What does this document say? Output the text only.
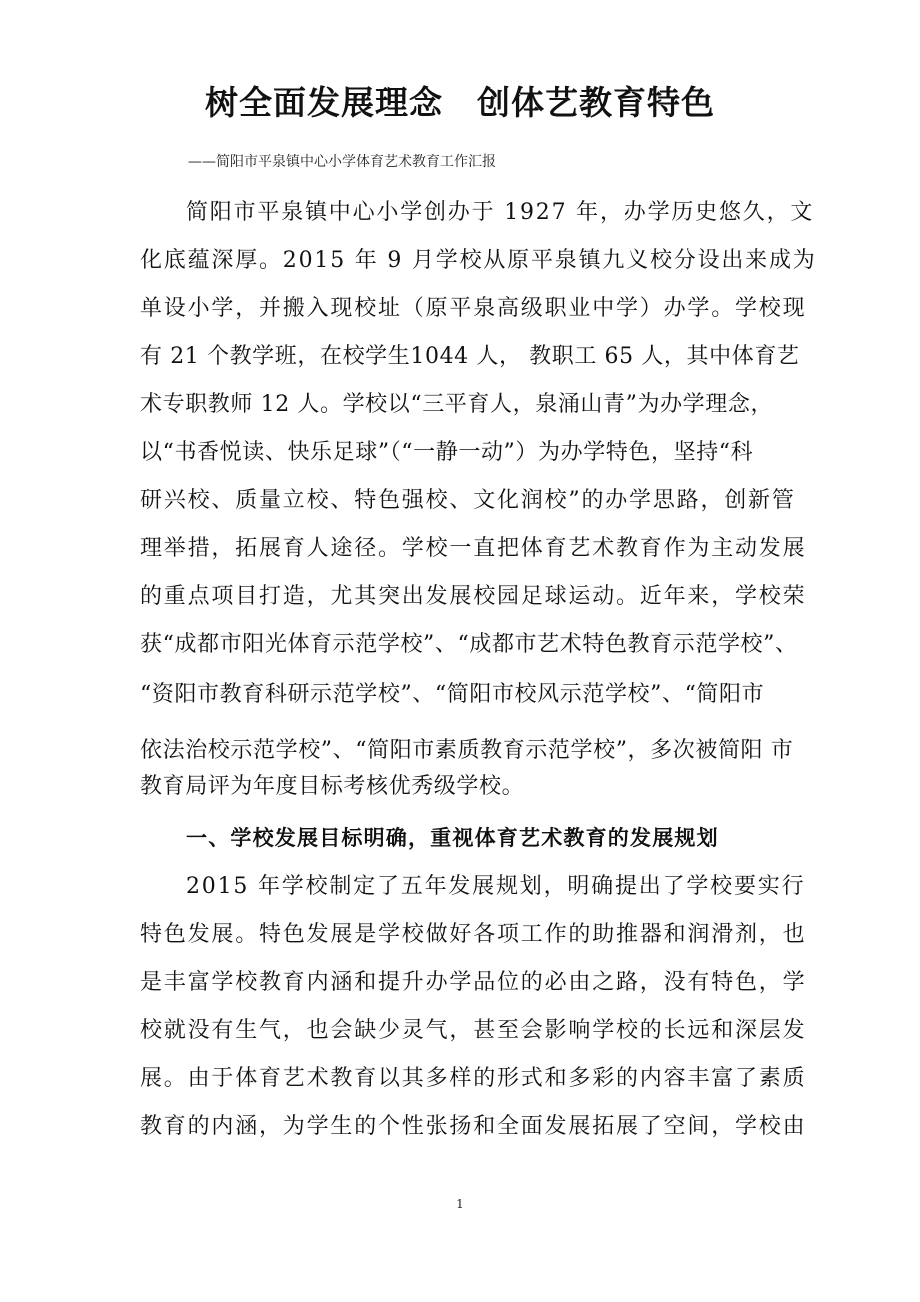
树全面发展理念　创体艺教育特色
——简阳市平泉镇中心小学体育艺术教育工作汇报
简阳市平泉镇中心小学创办于 1927 年，办学历史悠久，文
化底蕴深厚。2015 年 9 月学校从原平泉镇九义校分设出来成为
单设小学，并搬入现校址（原平泉高级职业中学）办学。学校现
有 21 个教学班，在校学生1044 人， 教职工 65 人，其中体育艺
术专职教师 12 人。学校以“三平育人，泉涌山青”为办学理念，
以“书香悦读、快乐足球”（“一静一动”）为办学特色，坚持“科
研兴校、质量立校、特色强校、文化润校”的办学思路，创新管
理举措，拓展育人途径。学校一直把体育艺术教育作为主动发展
的重点项目打造，尤其突出发展校园足球运动。近年来，学校荣
获“成都市阳光体育示范学校”、“成都市艺术特色教育示范学校”、
“资阳市教育科研示范学校”、“简阳市校风示范学校”、“简阳市
依法治校示范学校”、“简阳市素质教育示范学校”，多次被简阳 市
教育局评为年度目标考核优秀级学校。
一、学校发展目标明确，重视体育艺术教育的发展规划
2015 年学校制定了五年发展规划，明确提出了学校要实行
特色发展。特色发展是学校做好各项工作的助推器和润滑剂，也
是丰富学校教育内涵和提升办学品位的必由之路，没有特色，学
校就没有生气，也会缺少灵气，甚至会影响学校的长远和深层发
展。由于体育艺术教育以其多样的形式和多彩的内容丰富了素质
教育的内涵，为学生的个性张扬和全面发展拓展了空间，学校由
1
